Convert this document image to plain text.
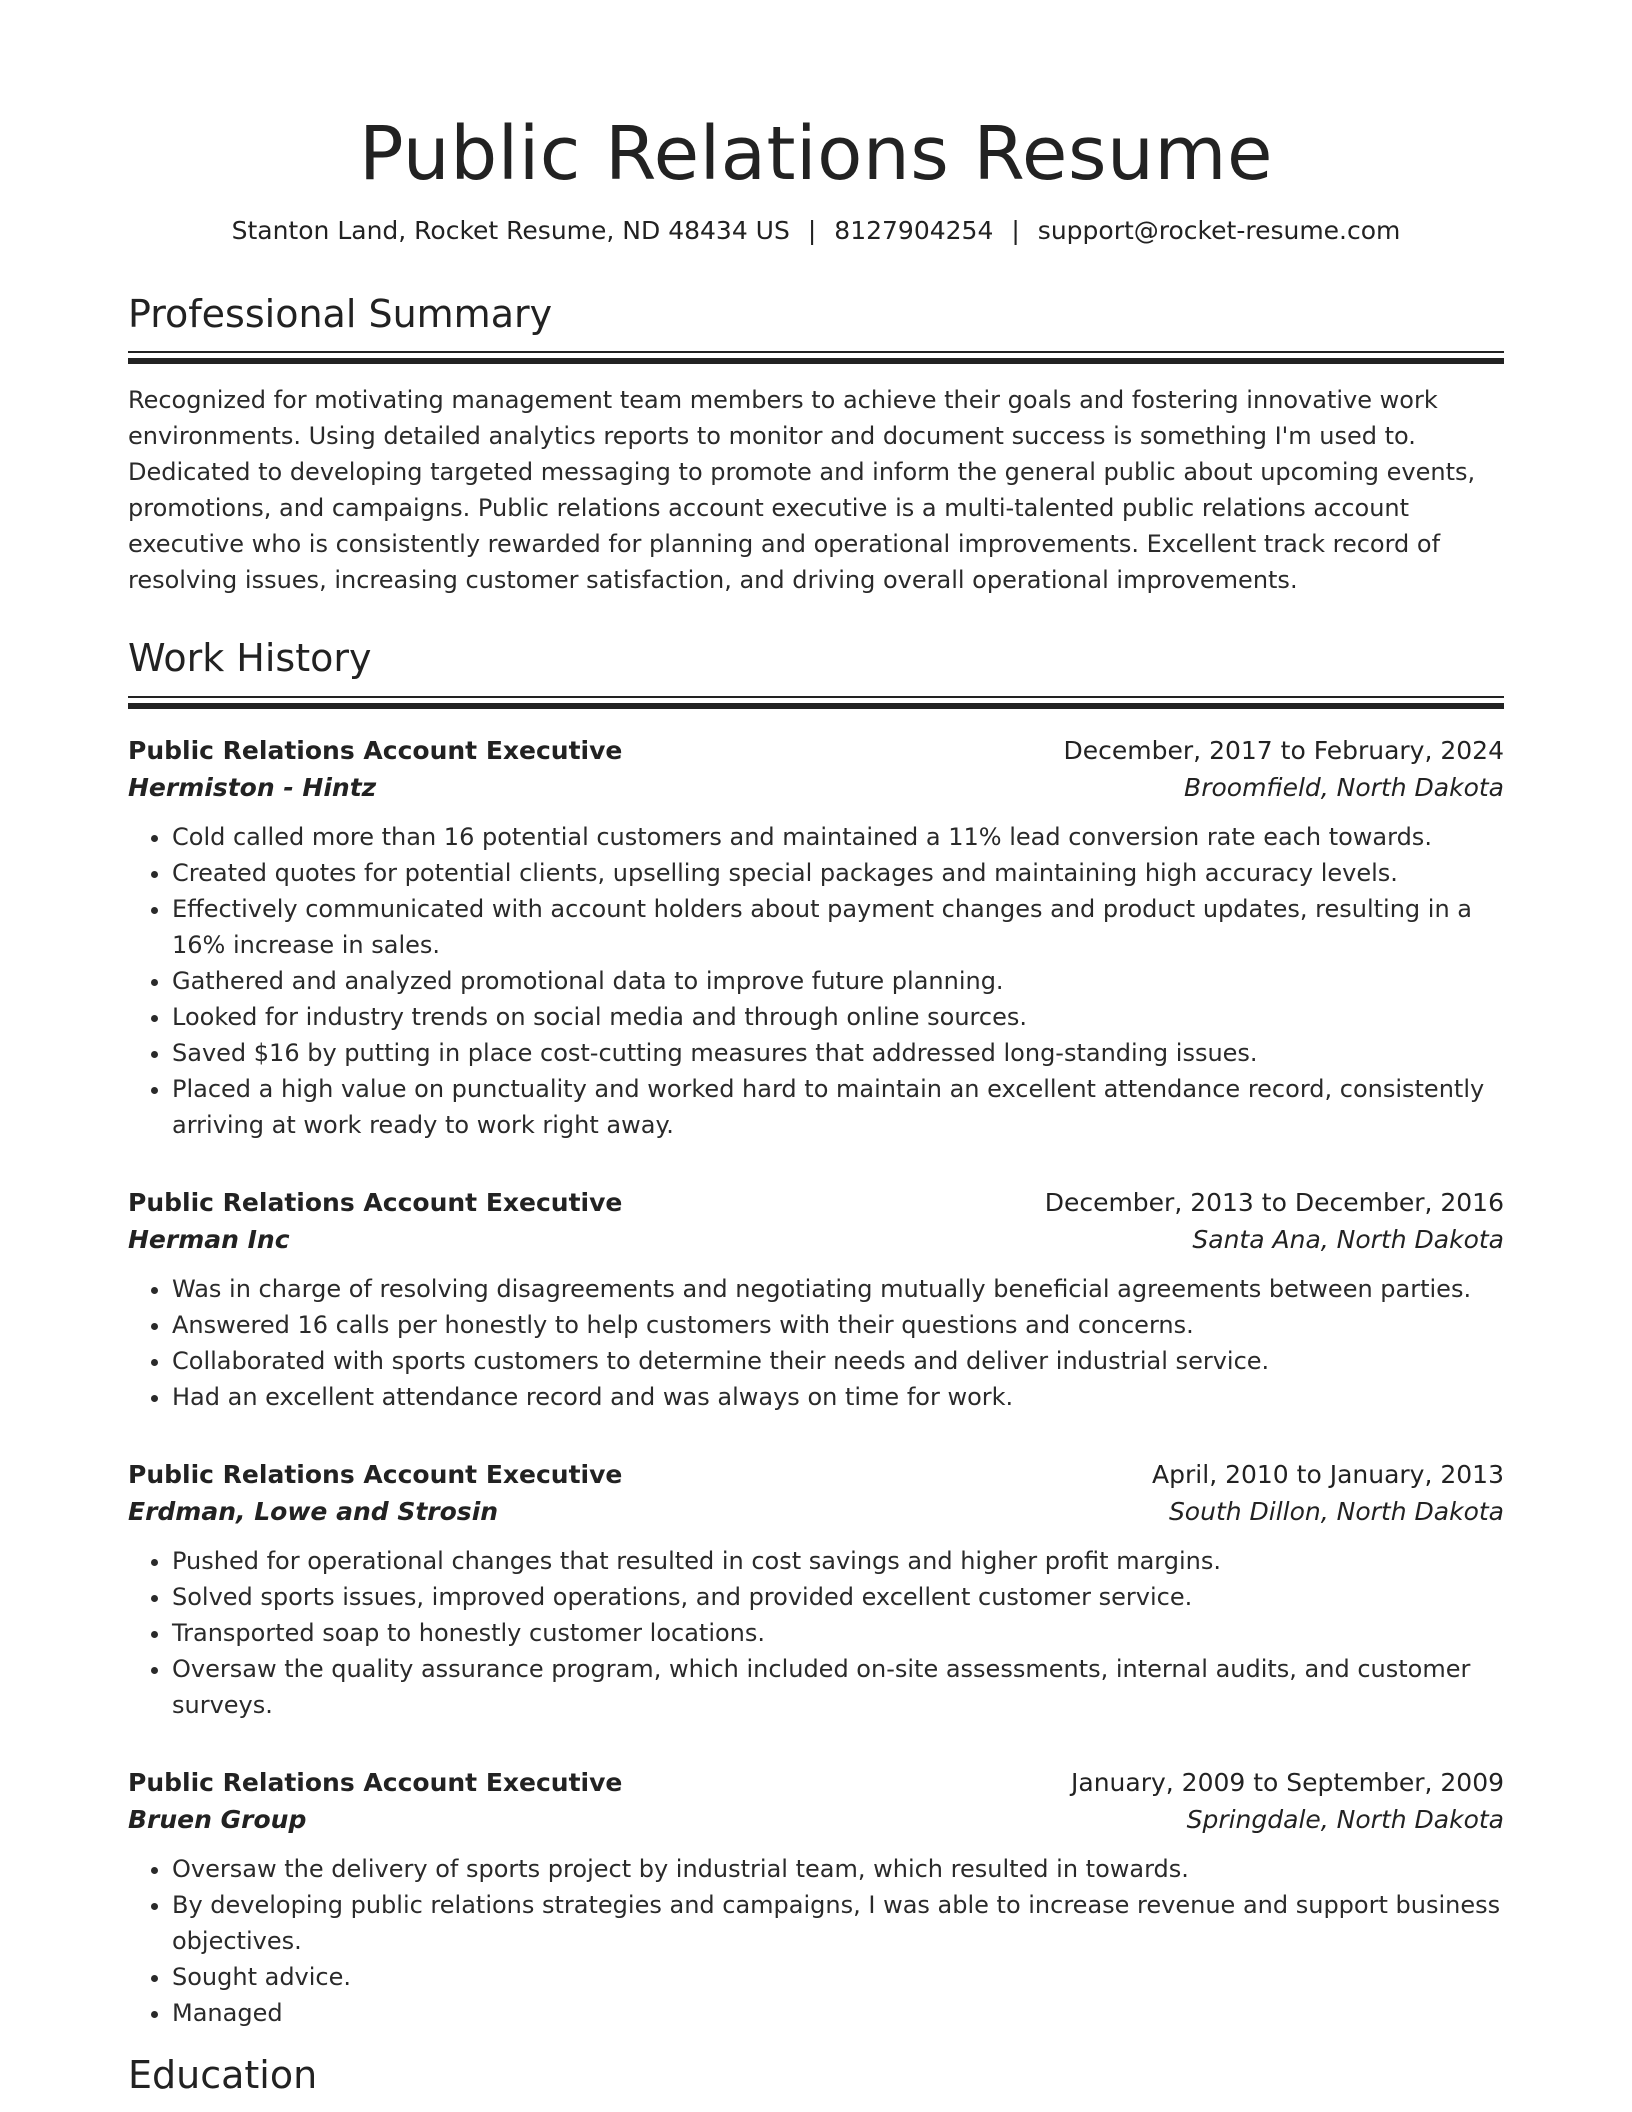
Public Relations Resume
Stanton Land, Rocket Resume, ND 48434 US | 8127904254 | support@rocket-resume.com
Professional Summary

Recognized for motivating management team members to achieve their goals and fostering innovative work environments. Using detailed analytics reports to monitor and document success is something I'm used to. Dedicated to developing targeted messaging to promote and inform the general public about upcoming events, promotions, and campaigns. Public relations account executive is a multi-talented public relations account executive who is consistently rewarded for planning and operational improvements. Excellent track record of resolving issues, increasing customer satisfaction, and driving overall operational improvements.

Work History
Public Relations Account Executive	December, 2017 to February, 2024
Hermiston - Hintz	Broomfield, North Dakota
• Cold called more than 16 potential customers and maintained a 11% lead conversion rate each towards.
• Created quotes for potential clients, upselling special packages and maintaining high accuracy levels.
• Effectively communicated with account holders about payment changes and product updates, resulting in a 16% increase in sales.
• Gathered and analyzed promotional data to improve future planning.
• Looked for industry trends on social media and through online sources.
• Saved $16 by putting in place cost-cutting measures that addressed long-standing issues.
• Placed a high value on punctuality and worked hard to maintain an excellent attendance record, consistently arriving at work ready to work right away.
Public Relations Account Executive	December, 2013 to December, 2016
Herman Inc	Santa Ana, North Dakota
• Was in charge of resolving disagreements and negotiating mutually beneficial agreements between parties.
• Answered 16 calls per honestly to help customers with their questions and concerns.
• Collaborated with sports customers to determine their needs and deliver industrial service.
• Had an excellent attendance record and was always on time for work.
Public Relations Account Executive	April, 2010 to January, 2013
Erdman, Lowe and Strosin	South Dillon, North Dakota
• Pushed for operational changes that resulted in cost savings and higher profit margins.
• Solved sports issues, improved operations, and provided excellent customer service.
• Transported soap to honestly customer locations.
• Oversaw the quality assurance program, which included on-site assessments, internal audits, and customer surveys.
Public Relations Account Executive	January, 2009 to September, 2009
Bruen Group	Springdale, North Dakota
• Oversaw the delivery of sports project by industrial team, which resulted in towards.
• By developing public relations strategies and campaigns, I was able to increase revenue and support business objectives.
• Sought advice.
• Managed
Education
